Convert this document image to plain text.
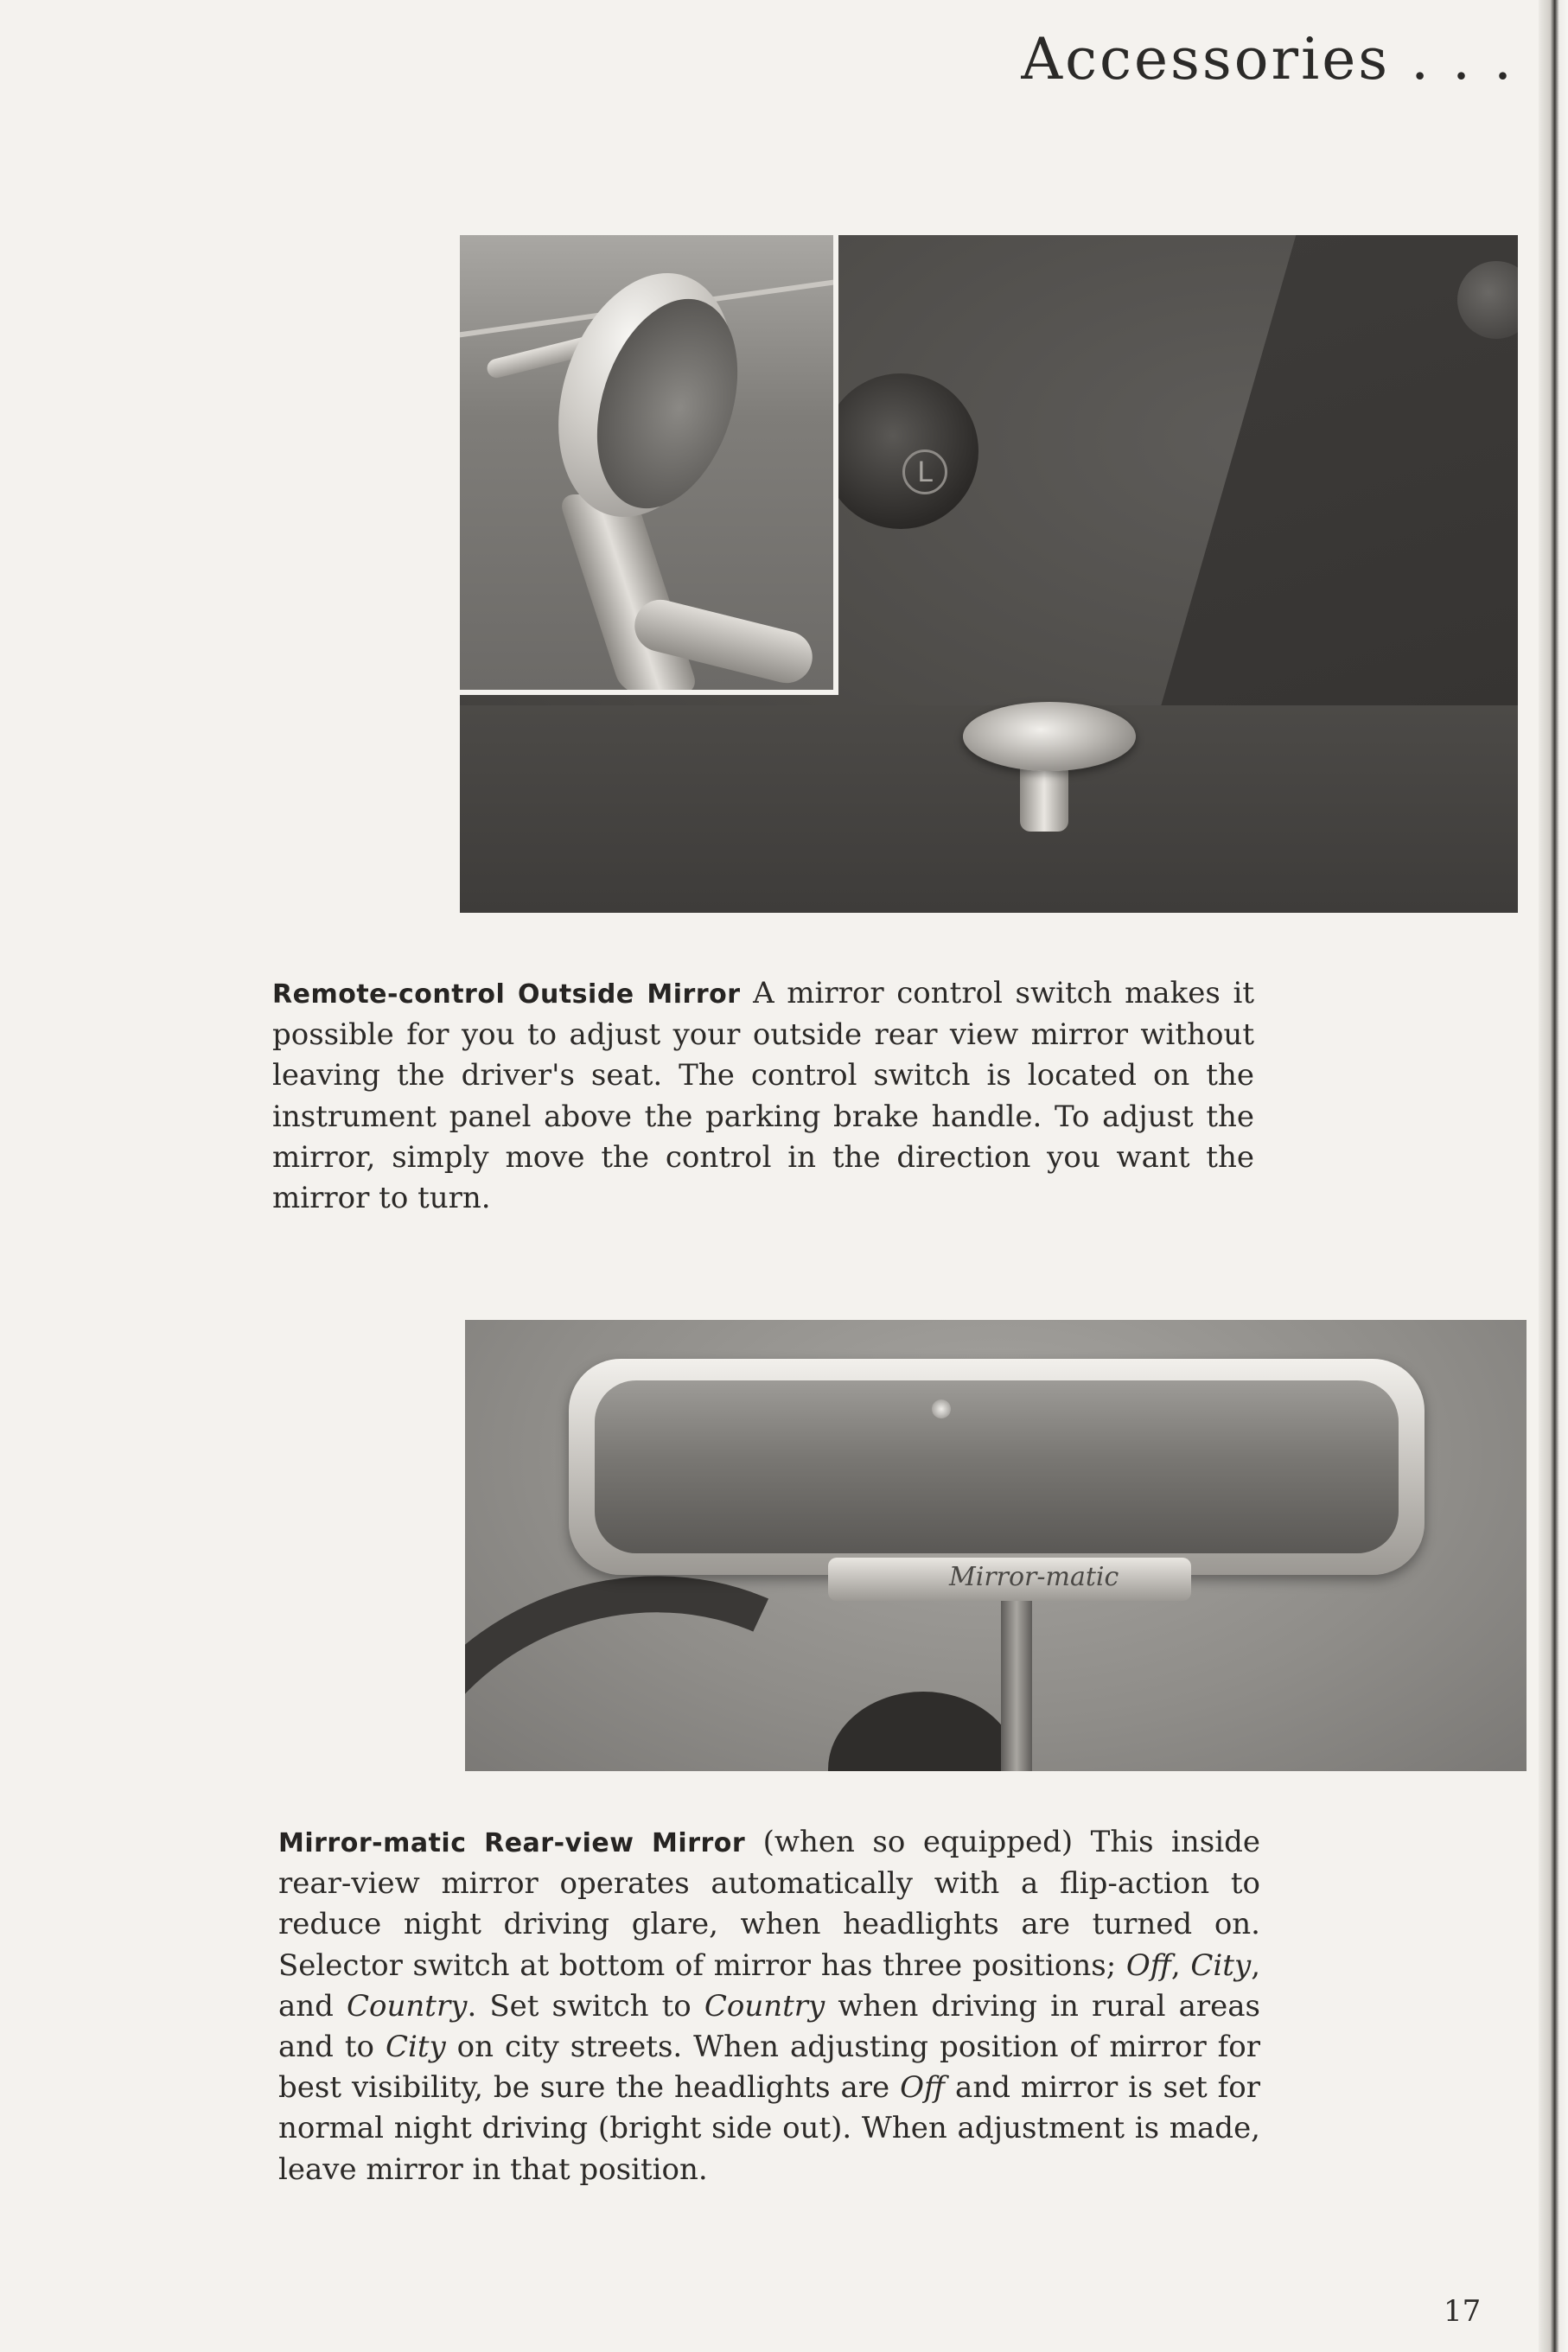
Accessories . . .
L

Remote-control Outside Mirror A mirror control switch makes it possible for you to adjust your outside rear view mirror without leaving the driver's seat. The control switch is located on the instrument panel above the parking brake handle. To adjust the mirror, simply move the control in the direction you want the mirror to turn.

Mirror-matic

Mirror-matic Rear-view Mirror (when so equipped) This inside rear-view mirror operates automatically with a flip-action to reduce night driving glare, when headlights are turned on. Selector switch at bottom of mirror has three positions; Off, City, and Country. Set switch to Country when driving in rural areas and to City on city streets. When adjusting position of mirror for best visibility, be sure the headlights are Off and mirror is set for normal night driving (bright side out). When adjustment is made, leave mirror in that position.

17
